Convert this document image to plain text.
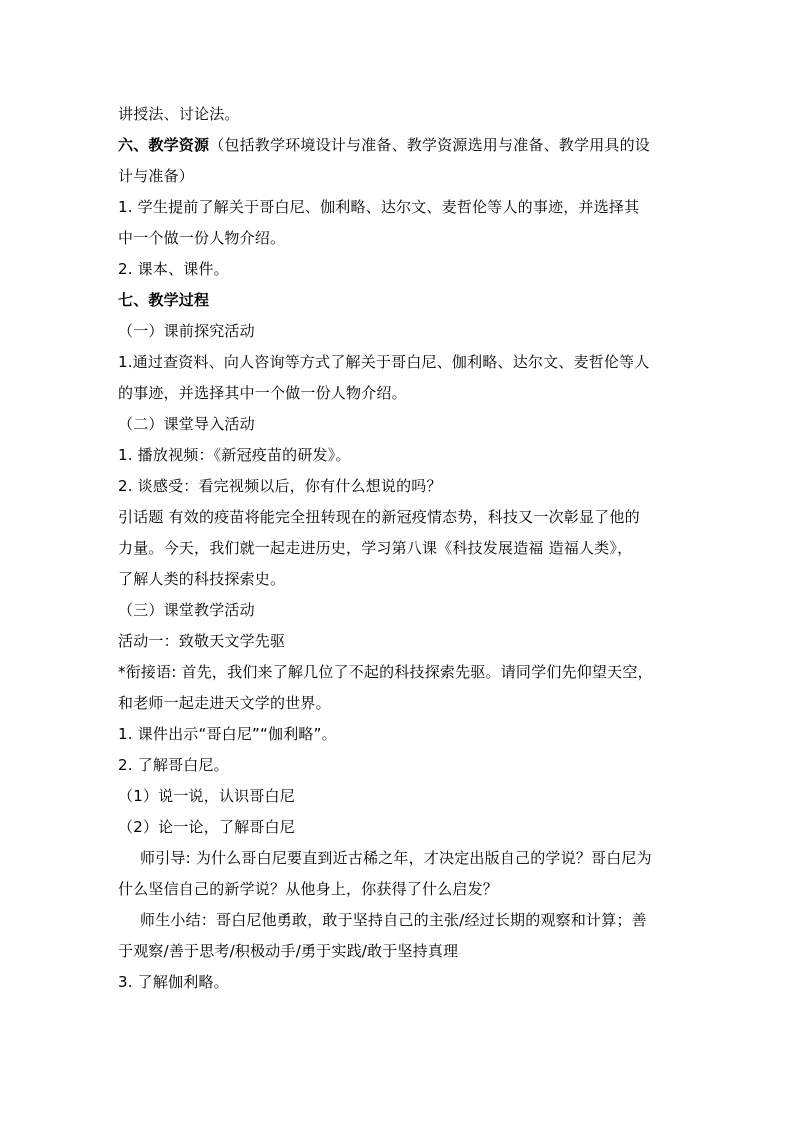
讲授法、讨论法。
六、教学资源（包括教学环境设计与准备、教学资源选用与准备、教学用具的设
计与准备）
1. 学生提前了解关于哥白尼、伽利略、达尔文、麦哲伦等人的事迹，并选择其
中一个做一份人物介绍。
2. 课本、课件。
七、教学过程
（一）课前探究活动
1.通过查资料、向人咨询等方式了解关于哥白尼、伽利略、达尔文、麦哲伦等人
的事迹，并选择其中一个做一份人物介绍。
（二）课堂导入活动
1. 播放视频：《新冠疫苗的研发》。
2. 谈感受：看完视频以后，你有什么想说的吗？
引话题 有效的疫苗将能完全扭转现在的新冠疫情态势，科技又一次彰显了他的
力量。今天，我们就一起走进历史，学习第八课《科技发展造福 造福人类》，
了解人类的科技探索史。
（三）课堂教学活动
活动一：致敬天文学先驱
*衔接语: 首先，我们来了解几位了不起的科技探索先驱。请同学们先仰望天空，
和老师一起走进天文学的世界。
1. 课件出示“哥白尼”“伽利略”。
2. 了解哥白尼。
（1）说一说，认识哥白尼
（2）论一论，了解哥白尼
师引导: 为什么哥白尼要直到近古稀之年，才决定出版自己的学说？哥白尼为
什么坚信自己的新学说？从他身上，你获得了什么启发？
师生小结：哥白尼他勇敢，敢于坚持自己的主张/经过长期的观察和计算；善
于观察/善于思考/积极动手/勇于实践/敢于坚持真理
3. 了解伽利略。
